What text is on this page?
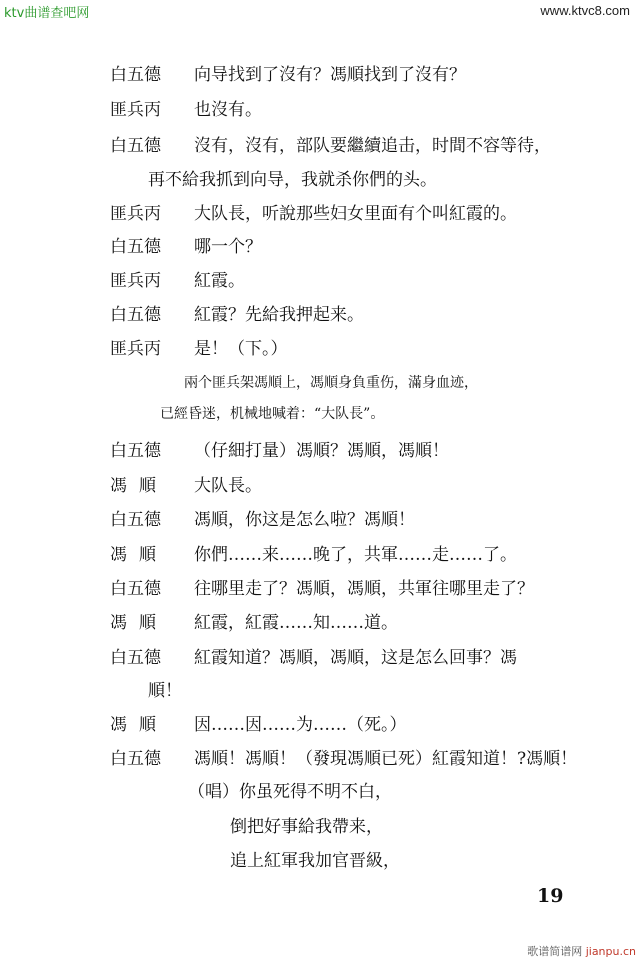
ktv曲谱查吧网	www.ktvc8.com
白五德 向导找到了沒有？馮順找到了沒有？
匪兵丙 也沒有。
白五德 沒有，沒有，部队要繼續追击，时間不容等待，
再不給我抓到向导，我就杀你們的头。
匪兵丙 大队長，听說那些妇女里面有个叫紅霞的。
白五德 哪一个？
匪兵丙 紅霞。
白五德 紅霞？先給我押起来。
匪兵丙 是！（下。）
兩个匪兵架馮順上，馮順身負重伤，滿身血迹，
已經昏迷，机械地喊着：“大队長”。
白五德 （仔細打量）馮順？馮順，馮順！
馮順 大队長。
白五德 馮順，你这是怎么啦？馮順！
馮順 你們……来……晚了，共軍……走……了。
白五德 往哪里走了？馮順，馮順，共軍往哪里走了？
馮順 紅霞，紅霞……知……道。
白五德 紅霞知道？馮順，馮順，这是怎么回事？馮
順！
馮順 因……因……为……（死。）
白五德 馮順！馮順！（發現馮順已死）紅霞知道！?馮順！
（唱）你虽死得不明不白，
倒把好事給我帶来，
追上紅軍我加官晋級，
19
歌谱简谱网 jianpu.cn
